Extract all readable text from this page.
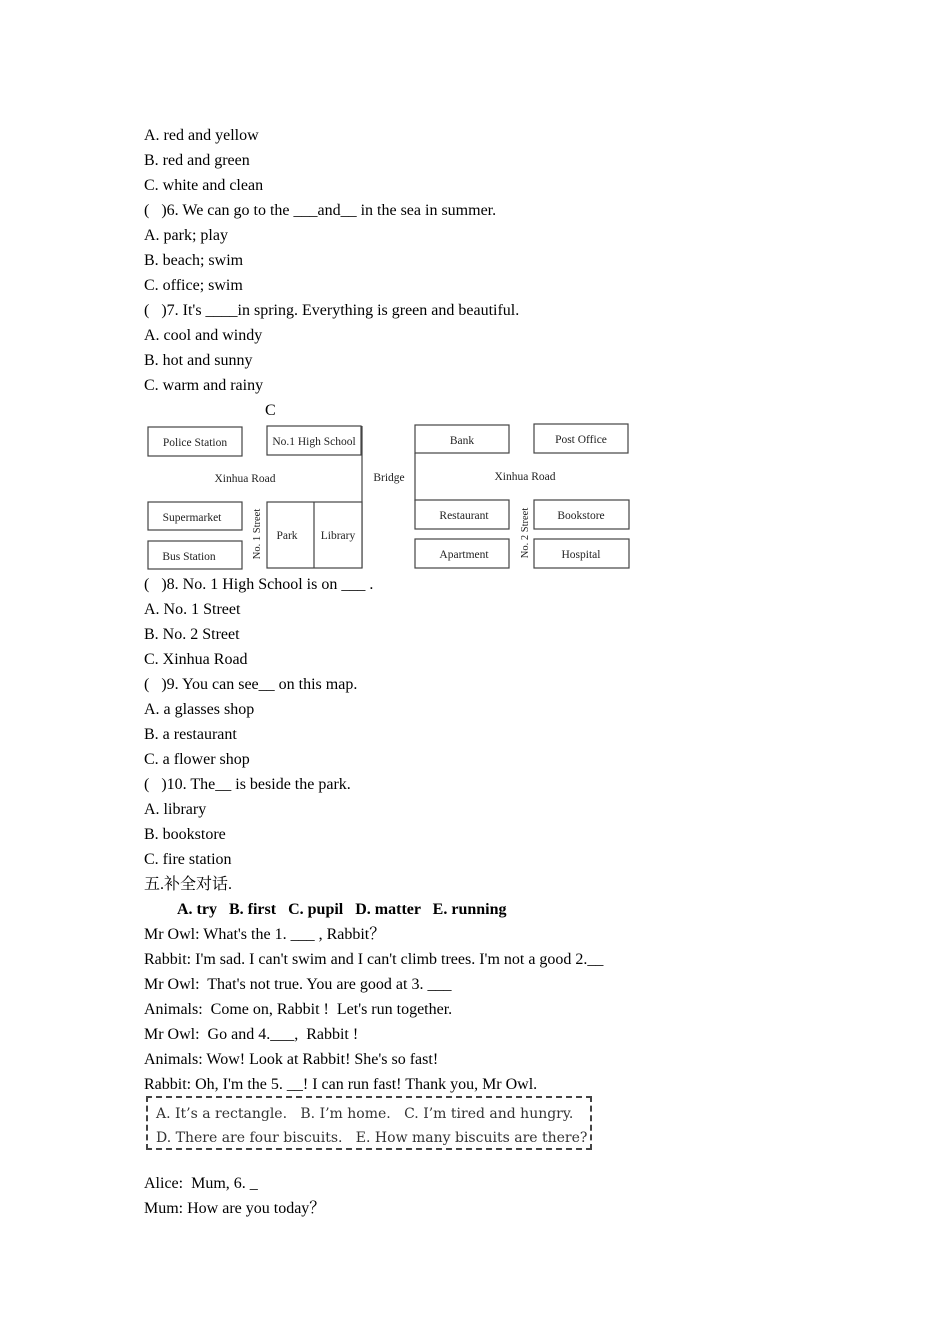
A. red and yellow
B. red and green
C. white and clean
(   )6. We can go to the ___and__ in the sea in summer.
A. park; play
B. beach; swim
C. office; swim
(   )7. It's ____in spring. Everything is green and beautiful.
A. cool and windy
B. hot and sunny
C. warm and rainy
C
Police Station	No.1 High School	Bank	Post Office
Xinhua Road	Bridge	Xinhua Road
Supermarket
Bus Station	No. 1 Street Park Library
Restaurant
Apartment	No. 2 Street Bookstore
Hospital
(   )8. No. 1 High School is on ___ .
A. No. 1 Street
B. No. 2 Street
C. Xinhua Road
(   )9. You can see__ on this map.
A. a glasses shop
B. a restaurant
C. a flower shop
(   )10. The__ is beside the park.
A. library
B. bookstore
C. fire station
五.补全对话.
A. try   B. first   C. pupil   D. matter   E. running
Mr Owl: What's the 1. ___ , Rabbit？
Rabbit: I'm sad. I can't swim and I can't climb trees. I'm not a good 2.__
Mr Owl:  That's not true. You are good at 3. ___
Animals:  Come on, Rabbit !  Let's run together.
Mr Owl:  Go and 4.___,  Rabbit !
Animals: Wow! Look at Rabbit! She's so fast!
Rabbit: Oh, I'm the 5. __! I can run fast! Thank you, Mr Owl.
A. It’s a rectangle.   B. I’m home.   C. I’m tired and hungry.
D. There are four biscuits.   E. How many biscuits are there?
Alice:  Mum, 6. _
Mum: How are you today？
